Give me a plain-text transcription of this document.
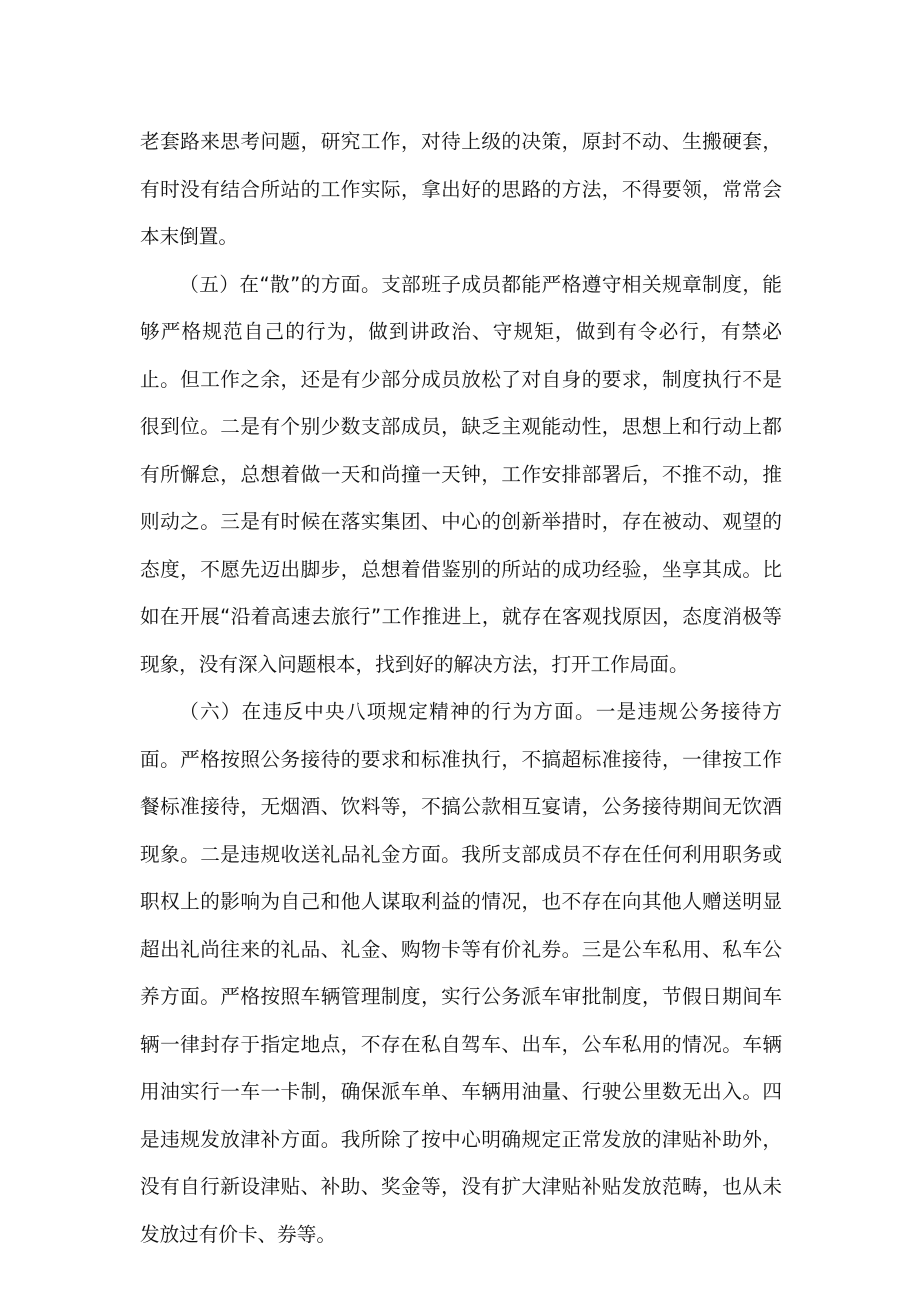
老套路来思考问题，研究工作，对待上级的决策，原封不动、生搬硬套，有时没有结合所站的工作实际，拿出好的思路的方法，不得要领，常常会本末倒置。

（五）在“散”的方面。支部班子成员都能严格遵守相关规章制度，能够严格规范自己的行为，做到讲政治、守规矩，做到有令必行，有禁必止。但工作之余，还是有少部分成员放松了对自身的要求，制度执行不是很到位。二是有个别少数支部成员，缺乏主观能动性，思想上和行动上都有所懈怠，总想着做一天和尚撞一天钟，工作安排部署后，不推不动，推则动之。三是有时候在落实集团、中心的创新举措时，存在被动、观望的态度，不愿先迈出脚步，总想着借鉴别的所站的成功经验，坐享其成。比如在开展“沿着高速去旅行”工作推进上，就存在客观找原因，态度消极等现象，没有深入问题根本，找到好的解决方法，打开工作局面。

（六）在违反中央八项规定精神的行为方面。一是违规公务接待方面。严格按照公务接待的要求和标准执行，不搞超标准接待，一律按工作餐标准接待，无烟酒、饮料等，不搞公款相互宴请，公务接待期间无饮酒现象。二是违规收送礼品礼金方面。我所支部成员不存在任何利用职务或职权上的影响为自己和他人谋取利益的情况，也不存在向其他人赠送明显超出礼尚往来的礼品、礼金、购物卡等有价礼券。三是公车私用、私车公养方面。严格按照车辆管理制度，实行公务派车审批制度，节假日期间车辆一律封存于指定地点，不存在私自驾车、出车，公车私用的情况。车辆用油实行一车一卡制，确保派车单、车辆用油量、行驶公里数无出入。四是违规发放津补方面。我所除了按中心明确规定正常发放的津贴补助外，没有自行新设津贴、补助、奖金等，没有扩大津贴补贴发放范畴，也从未发放过有价卡、券等。
